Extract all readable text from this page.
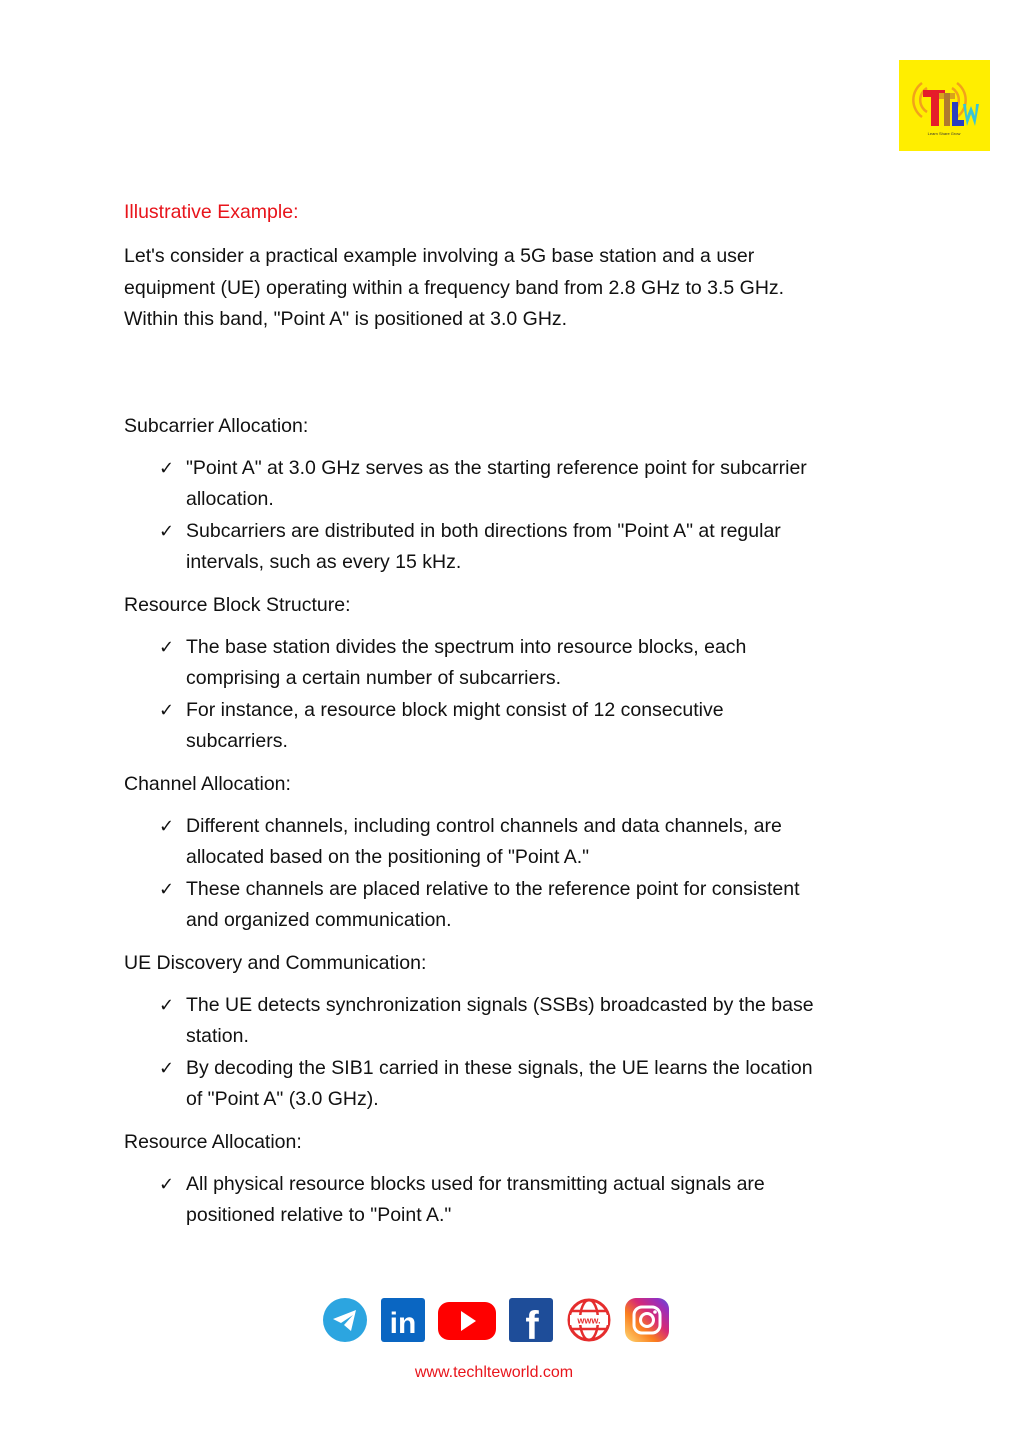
Learn Share Grow
Illustrative Example:

Let's consider a practical example involving a 5G base station and a user
equipment (UE) operating within a frequency band from 2.8 GHz to 3.5 GHz.
Within this band, "Point A" is positioned at 3.0 GHz.

Subcarrier Allocation:
✓ "Point A" at 3.0 GHz serves as the starting reference point for subcarrier
allocation.
✓ Subcarriers are distributed in both directions from "Point A" at regular
intervals, such as every 15 kHz.
Resource Block Structure:
✓ The base station divides the spectrum into resource blocks, each
comprising a certain number of subcarriers.
✓ For instance, a resource block might consist of 12 consecutive
subcarriers.
Channel Allocation:
✓ Different channels, including control channels and data channels, are
allocated based on the positioning of "Point A."
✓ These channels are placed relative to the reference point for consistent
and organized communication.
UE Discovery and Communication:
✓ The UE detects synchronization signals (SSBs) broadcasted by the base
station.
✓ By decoding the SIB1 carried in these signals, the UE learns the location
of "Point A" (3.0 GHz).
Resource Allocation:
✓ All physical resource blocks used for transmitting actual signals are
positioned relative to "Point A."
in	f	www.
www.techlteworld.com
